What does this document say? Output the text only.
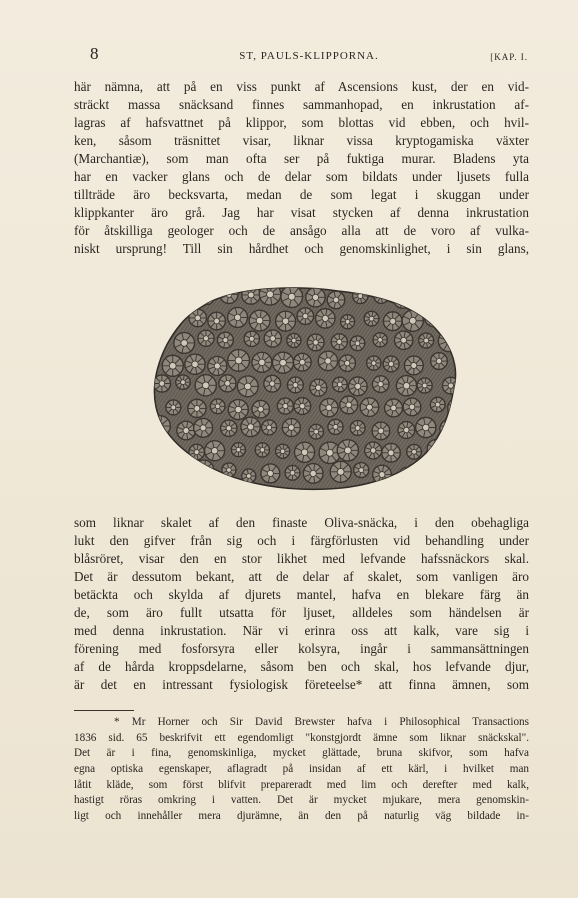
8	ST, PAULS-KLIPPORNA.	[KAP. I.
här nämna, att på en viss punkt af Ascensions kust, der en vid-
sträckt massa snäcksand finnes sammanhopad, en inkrustation af-
lagras af hafsvattnet på klippor, som blottas vid ebben, och hvil-
ken, såsom träsnittet visar, liknar vissa kryptogamiska växter
(Marchantiæ), som man ofta ser på fuktiga murar. Bladens yta
har en vacker glans och de delar som bildats under ljusets fulla
tillträde äro becksvarta, medan de som legat i skuggan under
klippkanter äro grå. Jag har visat stycken af denna inkrustation
för åtskilliga geologer och de ansågo alla att de voro af vulka-
niskt ursprung! Till sin hårdhet och genomskinlighet, i sin glans,
som liknar skalet af den finaste Oliva-snäcka, i den obehagliga
lukt den gifver från sig och i färgförlusten vid behandling under
blåsröret, visar den en stor likhet med lefvande hafssnäckors skal.
Det är dessutom bekant, att de delar af skalet, som vanligen äro
betäckta och skylda af djurets mantel, hafva en blekare färg än
de, som äro fullt utsatta för ljuset, alldeles som händelsen är
med denna inkrustation. När vi erinra oss att kalk, vare sig i
förening med fosforsyra eller kolsyra, ingår i sammansättningen
af de hårda kroppsdelarne, såsom ben och skal, hos lefvande djur,
är det en intressant fysiologisk företeelse* att finna ämnen, som
* Mr Horner och Sir David Brewster hafva i Philosophical Transactions
1836 sid. 65 beskrifvit ett egendomligt "konstgjordt ämne som liknar snäckskal".
Det är i fina, genomskinliga, mycket glättade, bruna skifvor, som hafva
egna optiska egenskaper, aflagradt på insidan af ett kärl, i hvilket man
låtit kläde, som först blifvit prepareradt med lim och derefter med kalk,
hastigt röras omkring i vatten. Det är mycket mjukare, mera genomskin-
ligt och innehåller mera djurämne, än den på naturlig väg bildade in-
